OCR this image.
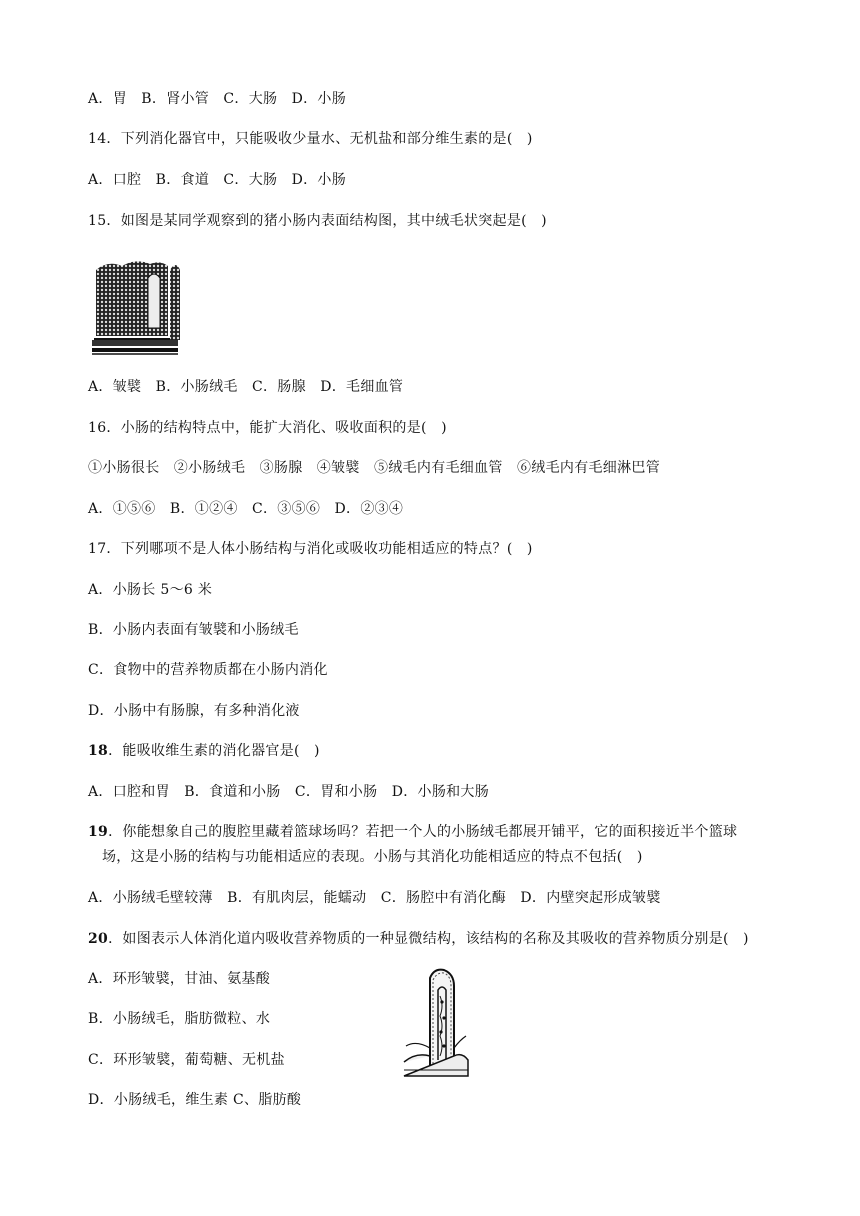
A．胃　B．肾小管　C．大肠　D．小肠
14．下列消化器官中，只能吸收少量水、无机盐和部分维生素的是(　)
A．口腔　B．食道　C．大肠　D．小肠
15．如图是某同学观察到的猪小肠内表面结构图，其中绒毛状突起是(　)
A．皱襞　B．小肠绒毛　C．肠腺　D．毛细血管
16．小肠的结构特点中，能扩大消化、吸收面积的是(　)
①小肠很长　②小肠绒毛　③肠腺　④皱襞　⑤绒毛内有毛细血管　⑥绒毛内有毛细淋巴管
A．①⑤⑥　B．①②④　C．③⑤⑥　D．②③④
17．下列哪项不是人体小肠结构与消化或吸收功能相适应的特点？(　)
A．小肠长 5～6 米
B．小肠内表面有皱襞和小肠绒毛
C．食物中的营养物质都在小肠内消化
D．小肠中有肠腺，有多种消化液
18．能吸收维生素的消化器官是(　)
A．口腔和胃　B．食道和小肠　C．胃和小肠　D．小肠和大肠
19．你能想象自己的腹腔里藏着篮球场吗？若把一个人的小肠绒毛都展开铺平，它的面积接近半个篮球
场，这是小肠的结构与功能相适应的表现。小肠与其消化功能相适应的特点不包括(　)
A．小肠绒毛壁较薄　B．有肌肉层，能蠕动　C．肠腔中有消化酶　D．内壁突起形成皱襞
20．如图表示人体消化道内吸收营养物质的一种显微结构，该结构的名称及其吸收的营养物质分别是(　)
A．环形皱襞，甘油、氨基酸
B．小肠绒毛，脂肪微粒、水
C．环形皱襞，葡萄糖、无机盐
D．小肠绒毛，维生素 C、脂肪酸
